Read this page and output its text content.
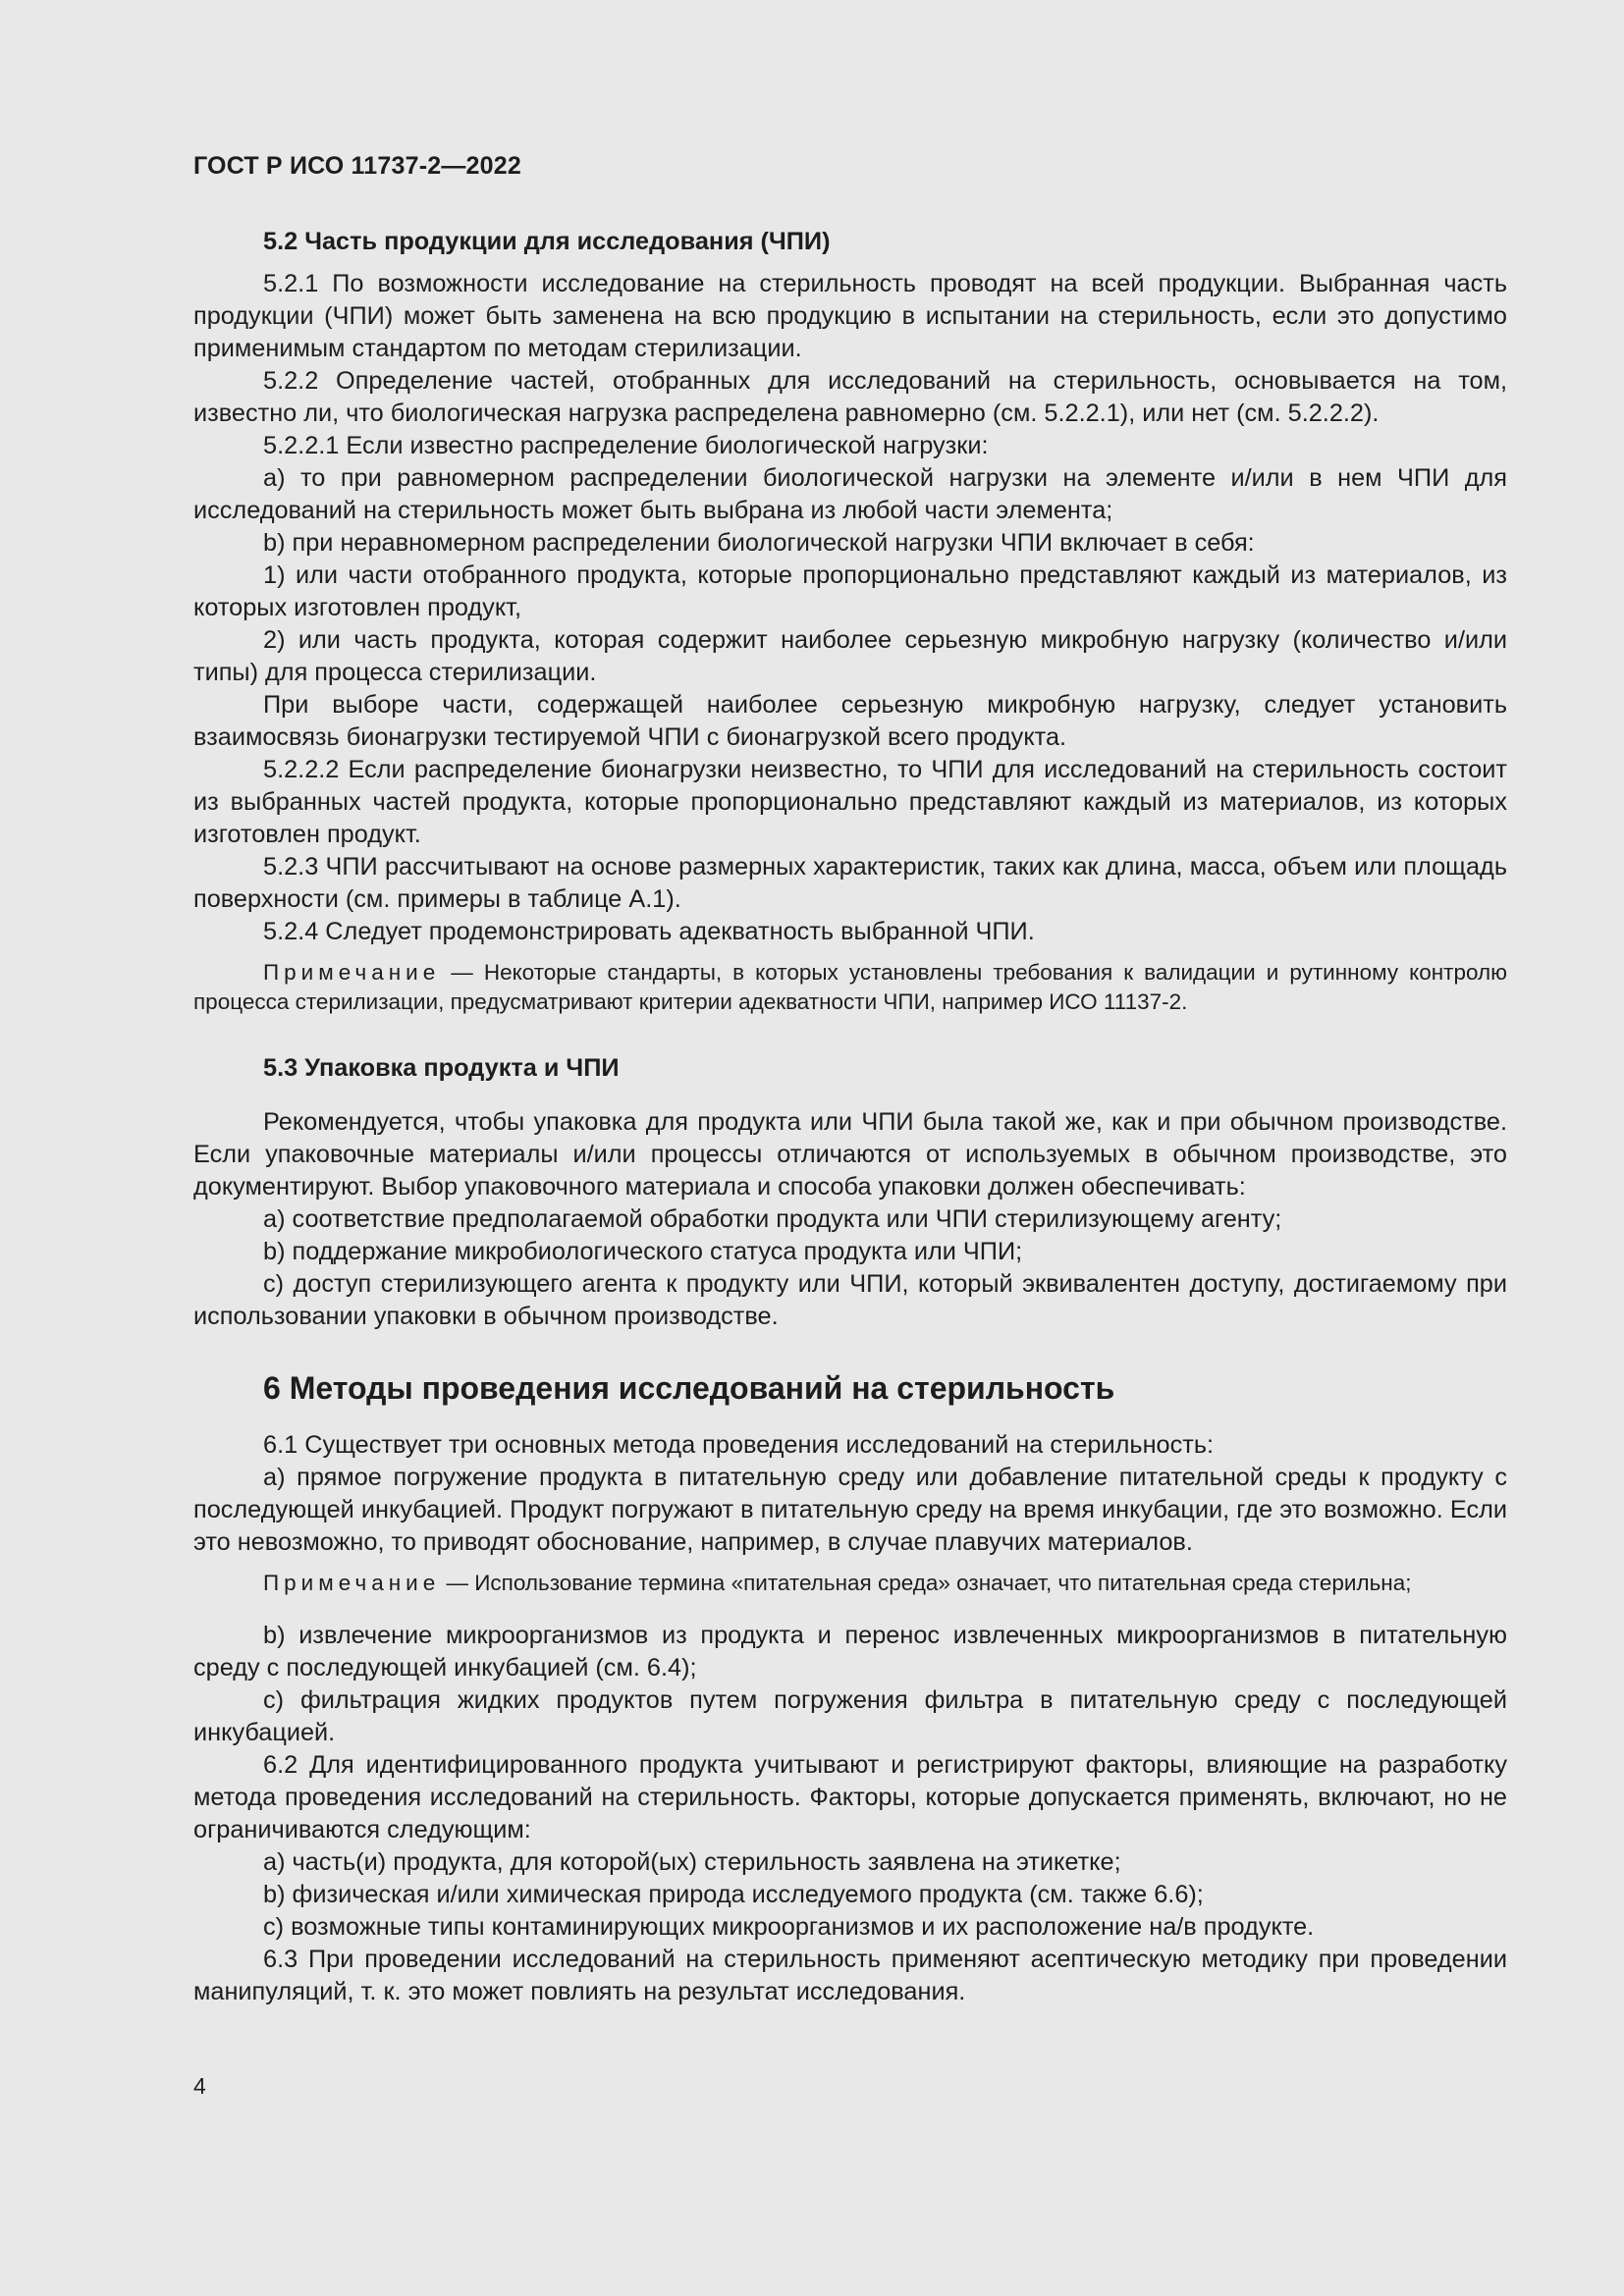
ГОСТ Р ИСО 11737-2—2022

5.2 Часть продукции для исследования (ЧПИ)

5.2.1 По возможности исследование на стерильность проводят на всей продукции. Выбранная часть продукции (ЧПИ) может быть заменена на всю продукцию в испытании на стерильность, если это допустимо применимым стандартом по методам стерилизации.

5.2.2 Определение частей, отобранных для исследований на стерильность, основывается на том, известно ли, что биологическая нагрузка распределена равномерно (см. 5.2.2.1), или нет (см. 5.2.2.2).

5.2.2.1 Если известно распределение биологической нагрузки:

a) то при равномерном распределении биологической нагрузки на элементе и/или в нем ЧПИ для исследований на стерильность может быть выбрана из любой части элемента;

b) при неравномерном распределении биологической нагрузки ЧПИ включает в себя:

1) или части отобранного продукта, которые пропорционально представляют каждый из материалов, из которых изготовлен продукт,

2) или часть продукта, которая содержит наиболее серьезную микробную нагрузку (количество и/или типы) для процесса стерилизации.

При выборе части, содержащей наиболее серьезную микробную нагрузку, следует установить взаимосвязь бионагрузки тестируемой ЧПИ с бионагрузкой всего продукта.

5.2.2.2 Если распределение бионагрузки неизвестно, то ЧПИ для исследований на стерильность состоит из выбранных частей продукта, которые пропорционально представляют каждый из материалов, из которых изготовлен продукт.

5.2.3 ЧПИ рассчитывают на основе размерных характеристик, таких как длина, масса, объем или площадь поверхности (см. примеры в таблице A.1).

5.2.4 Следует продемонстрировать адекватность выбранной ЧПИ.

Примечание — Некоторые стандарты, в которых установлены требования к валидации и рутинному контролю процесса стерилизации, предусматривают критерии адекватности ЧПИ, например ИСО 11137-2.

5.3 Упаковка продукта и ЧПИ

Рекомендуется, чтобы упаковка для продукта или ЧПИ была такой же, как и при обычном производстве. Если упаковочные материалы и/или процессы отличаются от используемых в обычном производстве, это документируют. Выбор упаковочного материала и способа упаковки должен обеспечивать:

a) соответствие предполагаемой обработки продукта или ЧПИ стерилизующему агенту;

b) поддержание микробиологического статуса продукта или ЧПИ;

c) доступ стерилизующего агента к продукту или ЧПИ, который эквивалентен доступу, достигаемому при использовании упаковки в обычном производстве.

6 Методы проведения исследований на стерильность

6.1 Существует три основных метода проведения исследований на стерильность:

a) прямое погружение продукта в питательную среду или добавление питательной среды к продукту с последующей инкубацией. Продукт погружают в питательную среду на время инкубации, где это возможно. Если это невозможно, то приводят обоснование, например, в случае плавучих материалов.

Примечание — Использование термина «питательная среда» означает, что питательная среда стерильна;

b) извлечение микроорганизмов из продукта и перенос извлеченных микроорганизмов в питательную среду с последующей инкубацией (см. 6.4);

c) фильтрация жидких продуктов путем погружения фильтра в питательную среду с последующей инкубацией.

6.2 Для идентифицированного продукта учитывают и регистрируют факторы, влияющие на разработку метода проведения исследований на стерильность. Факторы, которые допускается применять, включают, но не ограничиваются следующим:

a) часть(и) продукта, для которой(ых) стерильность заявлена на этикетке;

b) физическая и/или химическая природа исследуемого продукта (см. также 6.6);

c) возможные типы контаминирующих микроорганизмов и их расположение на/в продукте.

6.3 При проведении исследований на стерильность применяют асептическую методику при проведении манипуляций, т. к. это может повлиять на результат исследования.

4
